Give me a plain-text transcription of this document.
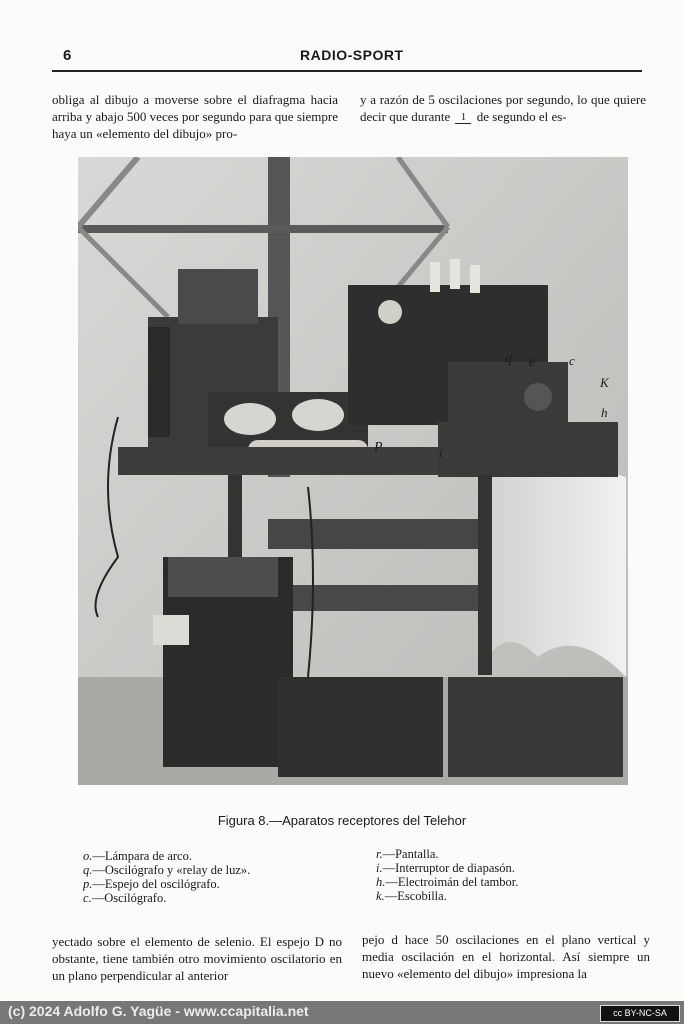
6	RADIO-SPORT
obliga al dibujo a moverse sobre el diafragma hacia arriba y abajo 500 veces por segundo para que siempre haya un «elemento del dibujo» pro-
y a razón de 5 oscilaciones por segundo, lo que quiere decir que durante 1 de segundo el es-
q e	c
K
h
P	i
Figura 8.—Aparatos receptores del Telehor
o.—Lámpara de arco.
q.—Oscilógrafo y «relay de luz».
p.—Espejo del oscilógrafo.
c.—Oscilógrafo.
r.—Pantalla.
i.—Interruptor de diapasón.
h.—Electroimán del tambor.
k.—Escobilla.
yectado sobre el elemento de selenio. El espejo D no obstante, tiene también otro movimiento oscilatorio en un plano perpendicular al anterior
pejo d hace 50 oscilaciones en el plano vertical y media oscilación en el horizontal. Así siempre un nuevo «elemento del dibujo» impresiona la
(c) 2024 Adolfo G. Yagüe - www.ccapitalia.net	cc BY-NC-SA
